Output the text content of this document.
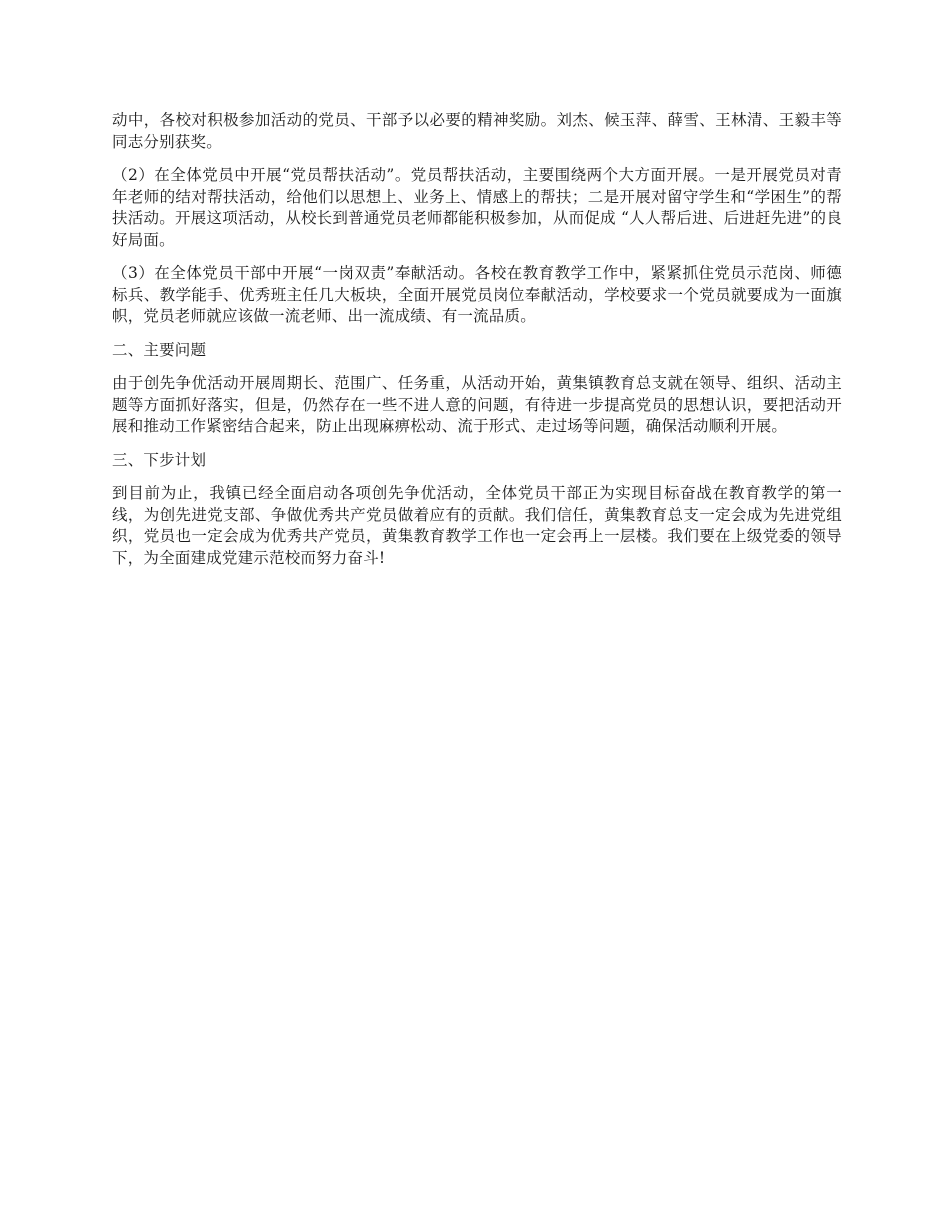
动中，各校对积极参加活动的党员、干部予以必要的精神奖励。刘杰、候玉萍、薛雪、王林清、王毅丰等同志分别获奖。

（2）在全体党员中开展“党员帮扶活动”。党员帮扶活动，主要围绕两个大方面开展。一是开展党员对青年老师的结对帮扶活动，给他们以思想上、业务上、情感上的帮扶；二是开展对留守学生和“学困生”的帮扶活动。开展这项活动，从校长到普通党员老师都能积极参加，从而促成 “人人帮后进、后进赶先进”的良好局面。

（3）在全体党员干部中开展“一岗双责”奉献活动。各校在教育教学工作中，紧紧抓住党员示范岗、师德标兵、教学能手、优秀班主任几大板块，全面开展党员岗位奉献活动，学校要求一个党员就要成为一面旗帜，党员老师就应该做一流老师、出一流成绩、有一流品质。

二、主要问题

由于创先争优活动开展周期长、范围广、任务重，从活动开始，黄集镇教育总支就在领导、组织、活动主题等方面抓好落实，但是，仍然存在一些不进人意的问题，有待进一步提高党员的思想认识，要把活动开展和推动工作紧密结合起来，防止出现麻痹松动、流于形式、走过场等问题，确保活动顺利开展。

三、下步计划

到目前为止，我镇已经全面启动各项创先争优活动，全体党员干部正为实现目标奋战在教育教学的第一线，为创先进党支部、争做优秀共产党员做着应有的贡献。我们信任，黄集教育总支一定会成为先进党组织，党员也一定会成为优秀共产党员，黄集教育教学工作也一定会再上一层楼。我们要在上级党委的领导下，为全面建成党建示范校而努力奋斗!
